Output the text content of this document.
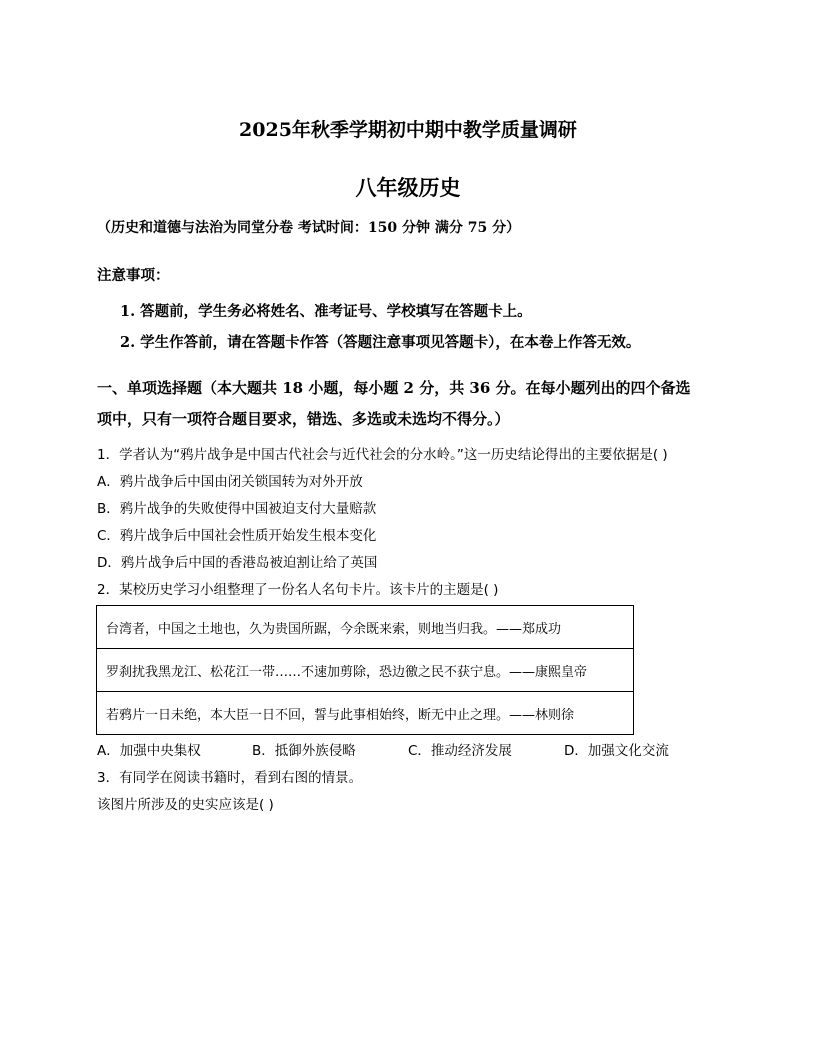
2025年秋季学期初中期中教学质量调研
八年级历史
（历史和道德与法治为同堂分卷 考试时间：150 分钟 满分 75 分）
注意事项：
1. 答题前，学生务必将姓名、准考证号、学校填写在答题卡上。
2. 学生作答前，请在答题卡作答（答题注意事项见答题卡），在本卷上作答无效。
一、单项选择题（本大题共 18 小题，每小题 2 分，共 36 分。在每小题列出的四个备选
项中，只有一项符合题目要求，错选、多选或未选均不得分。）
1．学者认为“鸦片战争是中国古代社会与近代社会的分水岭。”这一历史结论得出的主要依据是( )
A．鸦片战争后中国由闭关锁国转为对外开放
B．鸦片战争的失败使得中国被迫支付大量赔款
C．鸦片战争后中国社会性质开始发生根本变化
D．鸦片战争后中国的香港岛被迫割让给了英国
2．某校历史学习小组整理了一份名人名句卡片。该卡片的主题是( )
台湾者，中国之土地也，久为贵国所踞，今余既来索，则地当归我。——郑成功
罗刹扰我黑龙江、松花江一带……不速加剪除，恐边徼之民不获宁息。——康熙皇帝
若鸦片一日未绝，本大臣一日不回，誓与此事相始终，断无中止之理。——林则徐
A．加强中央集权	B．抵御外族侵略	C．推动经济发展	D．加强文化交流
3．有同学在阅读书籍时，看到右图的情景。
该图片所涉及的史实应该是( )
